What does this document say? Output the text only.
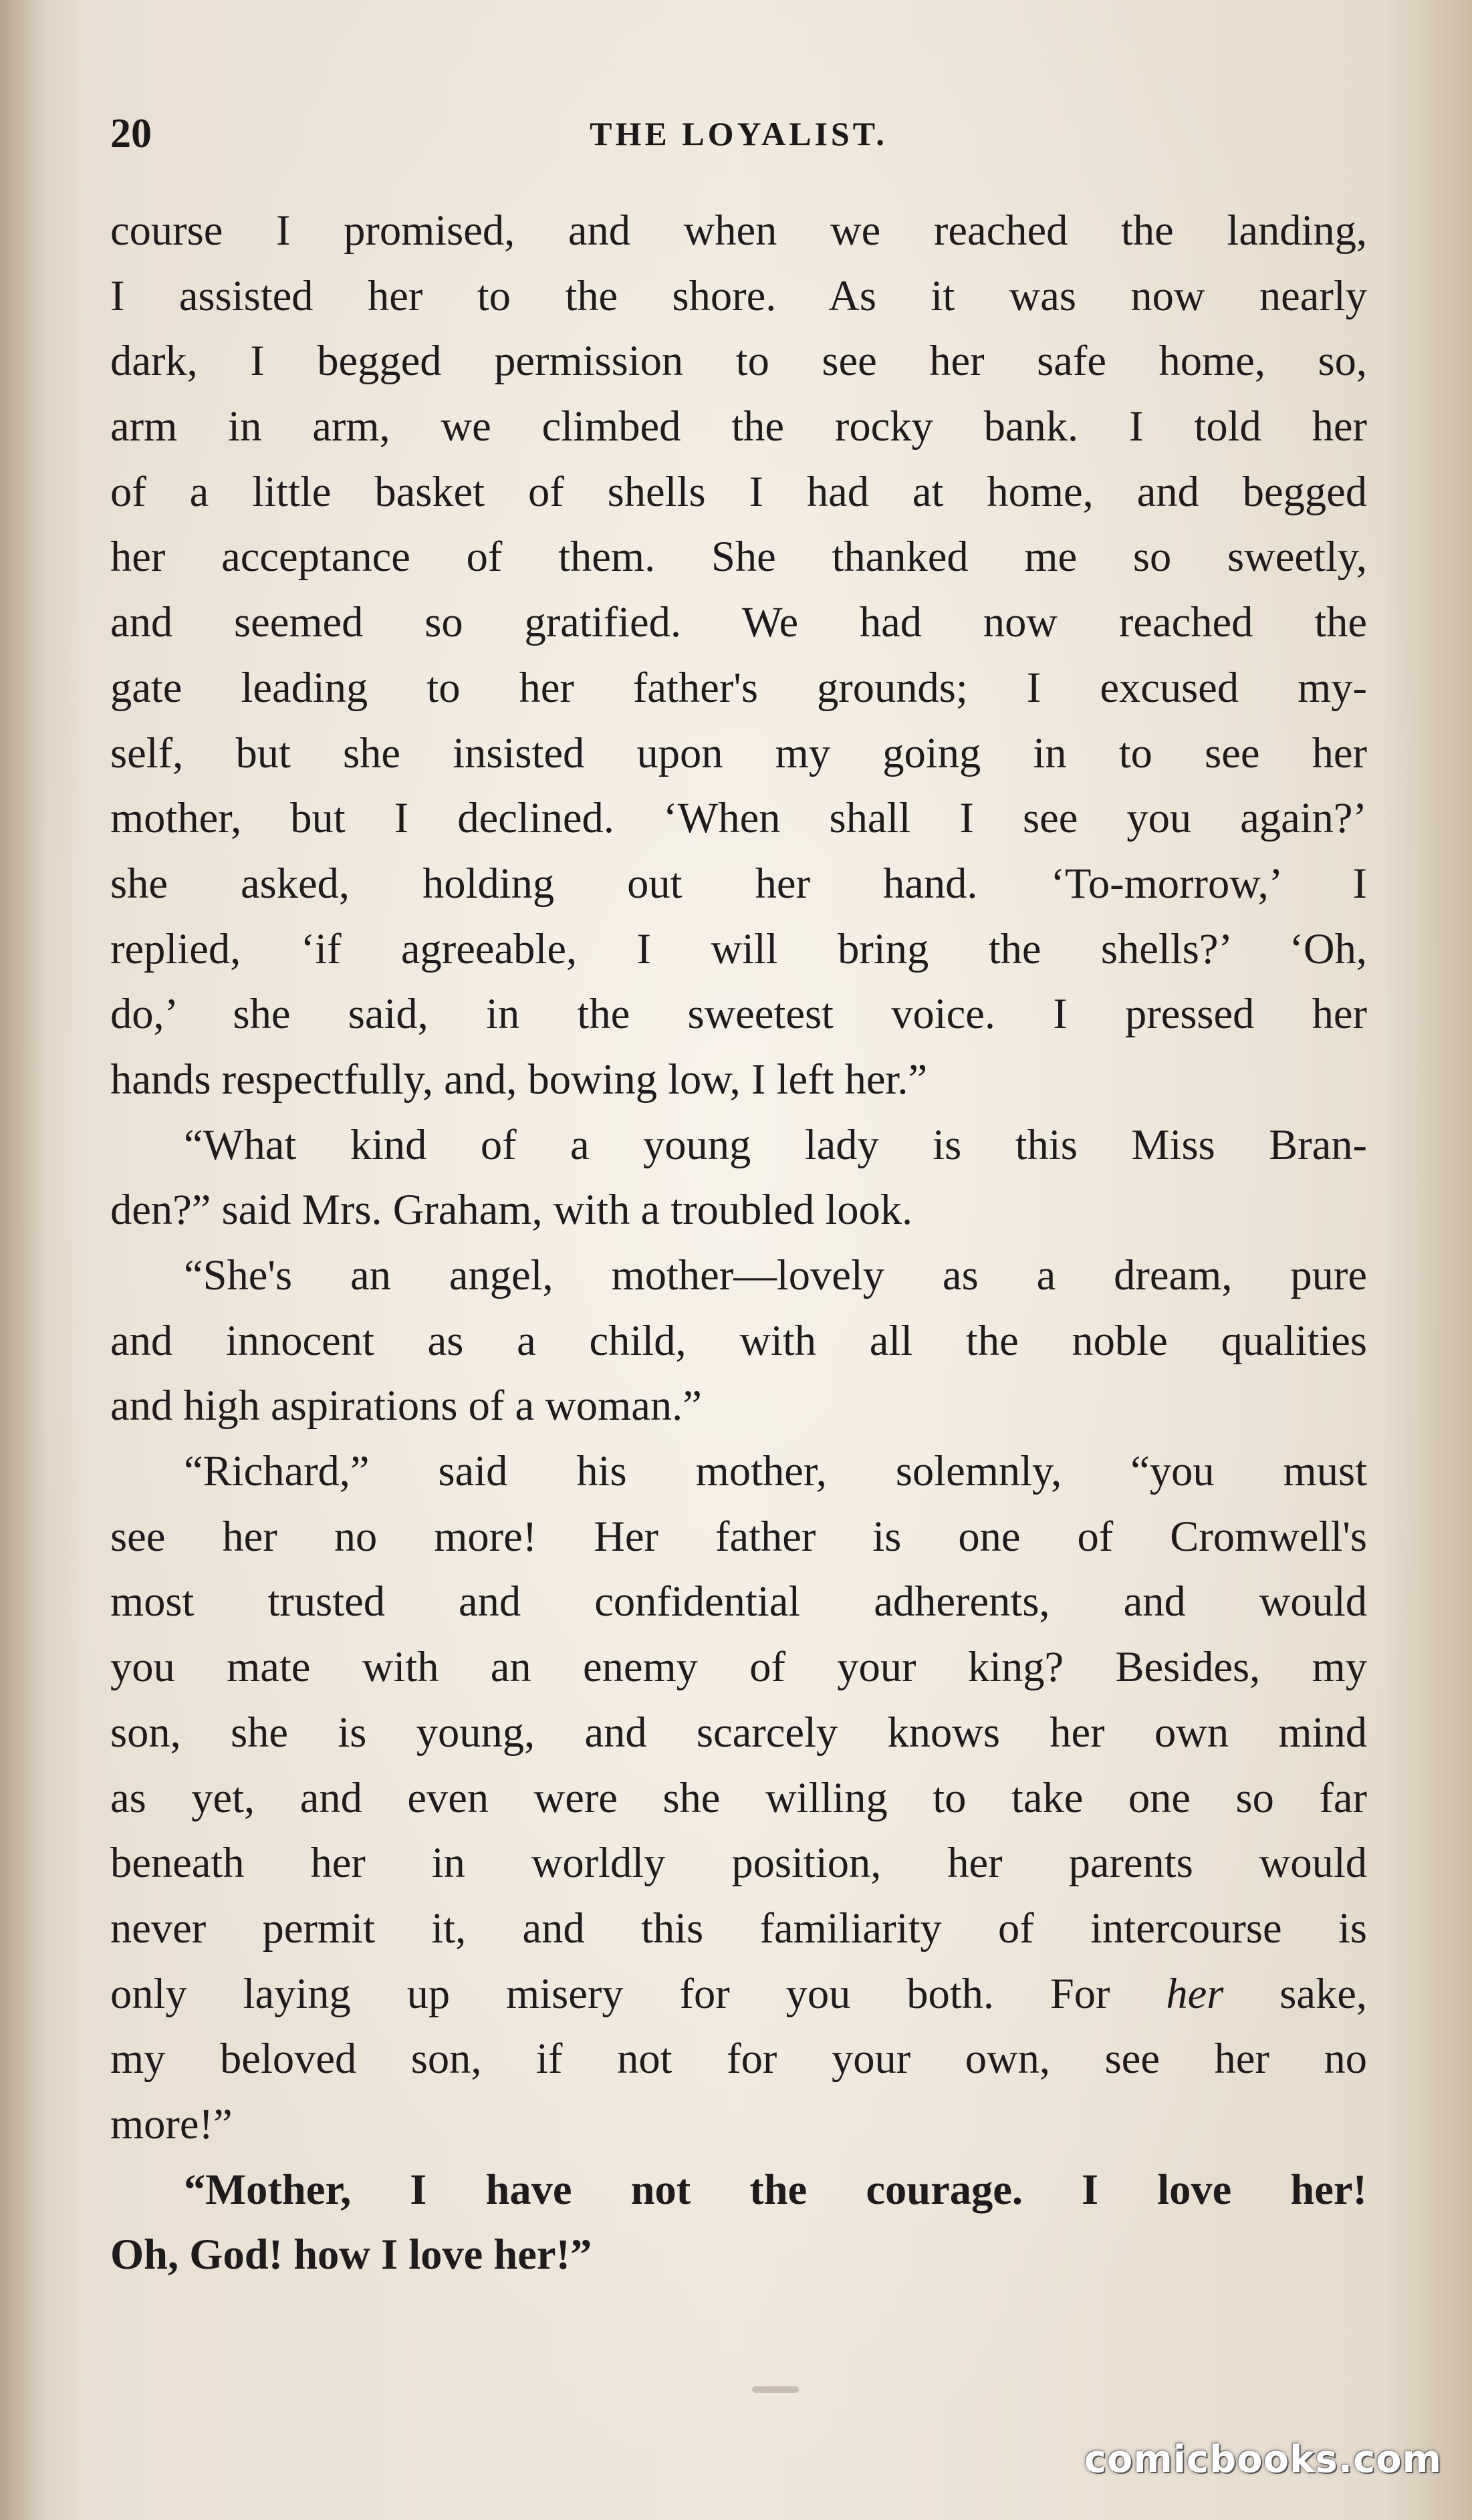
20	THE LOYALIST.
course I promised, and when we reached the landing,
I assisted her to the shore. As it was now nearly
dark, I begged permission to see her safe home, so,
arm in arm, we climbed the rocky bank. I told her
of a little basket of shells I had at home, and begged
her acceptance of them. She thanked me so sweetly,
and seemed so gratified. We had now reached the
gate leading to her father's grounds; I excused my-
self, but she insisted upon my going in to see her
mother, but I declined. ‘When shall I see you again?’
she asked, holding out her hand. ‘To-morrow,’ I
replied, ‘if agreeable, I will bring the shells?’ ‘Oh,
do,’ she said, in the sweetest voice. I pressed her
hands respectfully, and, bowing low, I left her.”
“What kind of a young lady is this Miss Bran-
den?” said Mrs. Graham, with a troubled look.
“She's an angel, mother—lovely as a dream, pure
and innocent as a child, with all the noble qualities
and high aspirations of a woman.”
“Richard,” said his mother, solemnly, “you must
see her no more! Her father is one of Cromwell's
most trusted and confidential adherents, and would
you mate with an enemy of your king? Besides, my
son, she is young, and scarcely knows her own mind
as yet, and even were she willing to take one so far
beneath her in worldly position, her parents would
never permit it, and this familiarity of intercourse is
only laying up misery for you both. For her sake,
my beloved son, if not for your own, see her no
more!”
“Mother, I have not the courage. I love her!
Oh, God! how I love her!”
comicbooks.com
